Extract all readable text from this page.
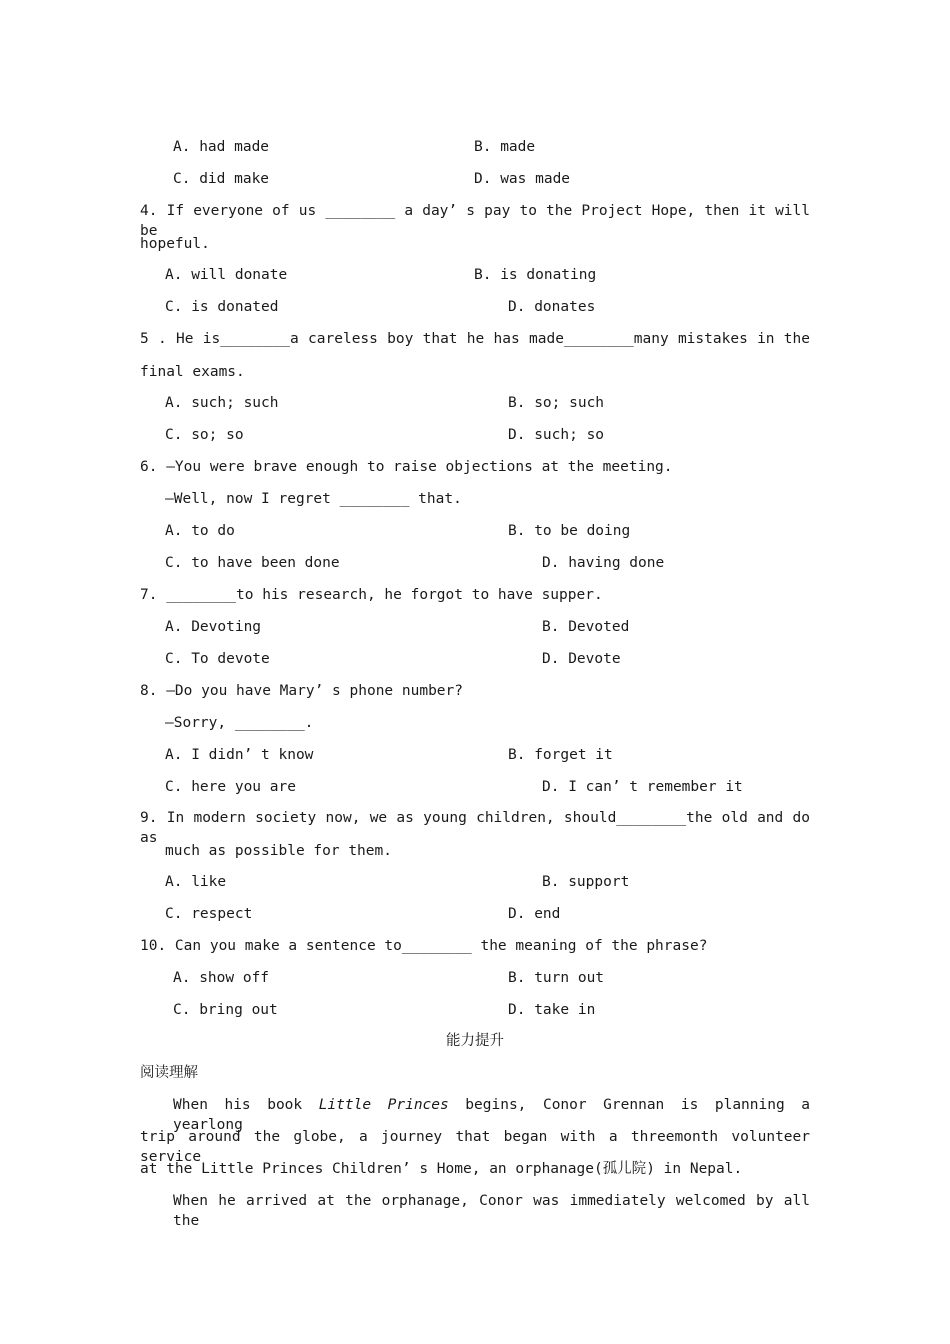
A. had made	B. made
C. did make	D. was made
4. If everyone of us ________ a day’ s pay to the Project Hope, then it will be
hopeful.
A. will donate	B. is donating
C. is donated	D. donates
5 . He is________a careless boy that he has made________many mistakes in the
final exams.
A. such; such	B. so; such
C. so; so	D. such; so
6. —You were brave enough to raise objections at the meeting.
—Well, now I regret ________ that.
A. to do	B. to be doing
C. to have been done	D. having done
7. ________to his research, he forgot to have supper.
A. Devoting	B. Devoted
C. To devote	D. Devote
8. —Do you have Mary’ s phone number?
—Sorry, ________.
A. I didn’ t know	B. forget it
C. here you are	D. I can’ t remember it
9. In modern society now, we as young children, should________the old and do as
much as possible for them.
A. like	B. support
C. respect	D. end
10. Can you make a sentence to________ the meaning of the phrase?
A. show off	B. turn out
C. bring out	D. take in
能力提升
阅读理解
When his book Little Princes begins, Conor Grennan is planning a yearlong
trip around the globe, a journey that began with a threemonth volunteer service
at the Little Princes Children’ s Home, an orphanage(孤儿院) in Nepal.
When he arrived at the orphanage, Conor was immediately welcomed by all the
